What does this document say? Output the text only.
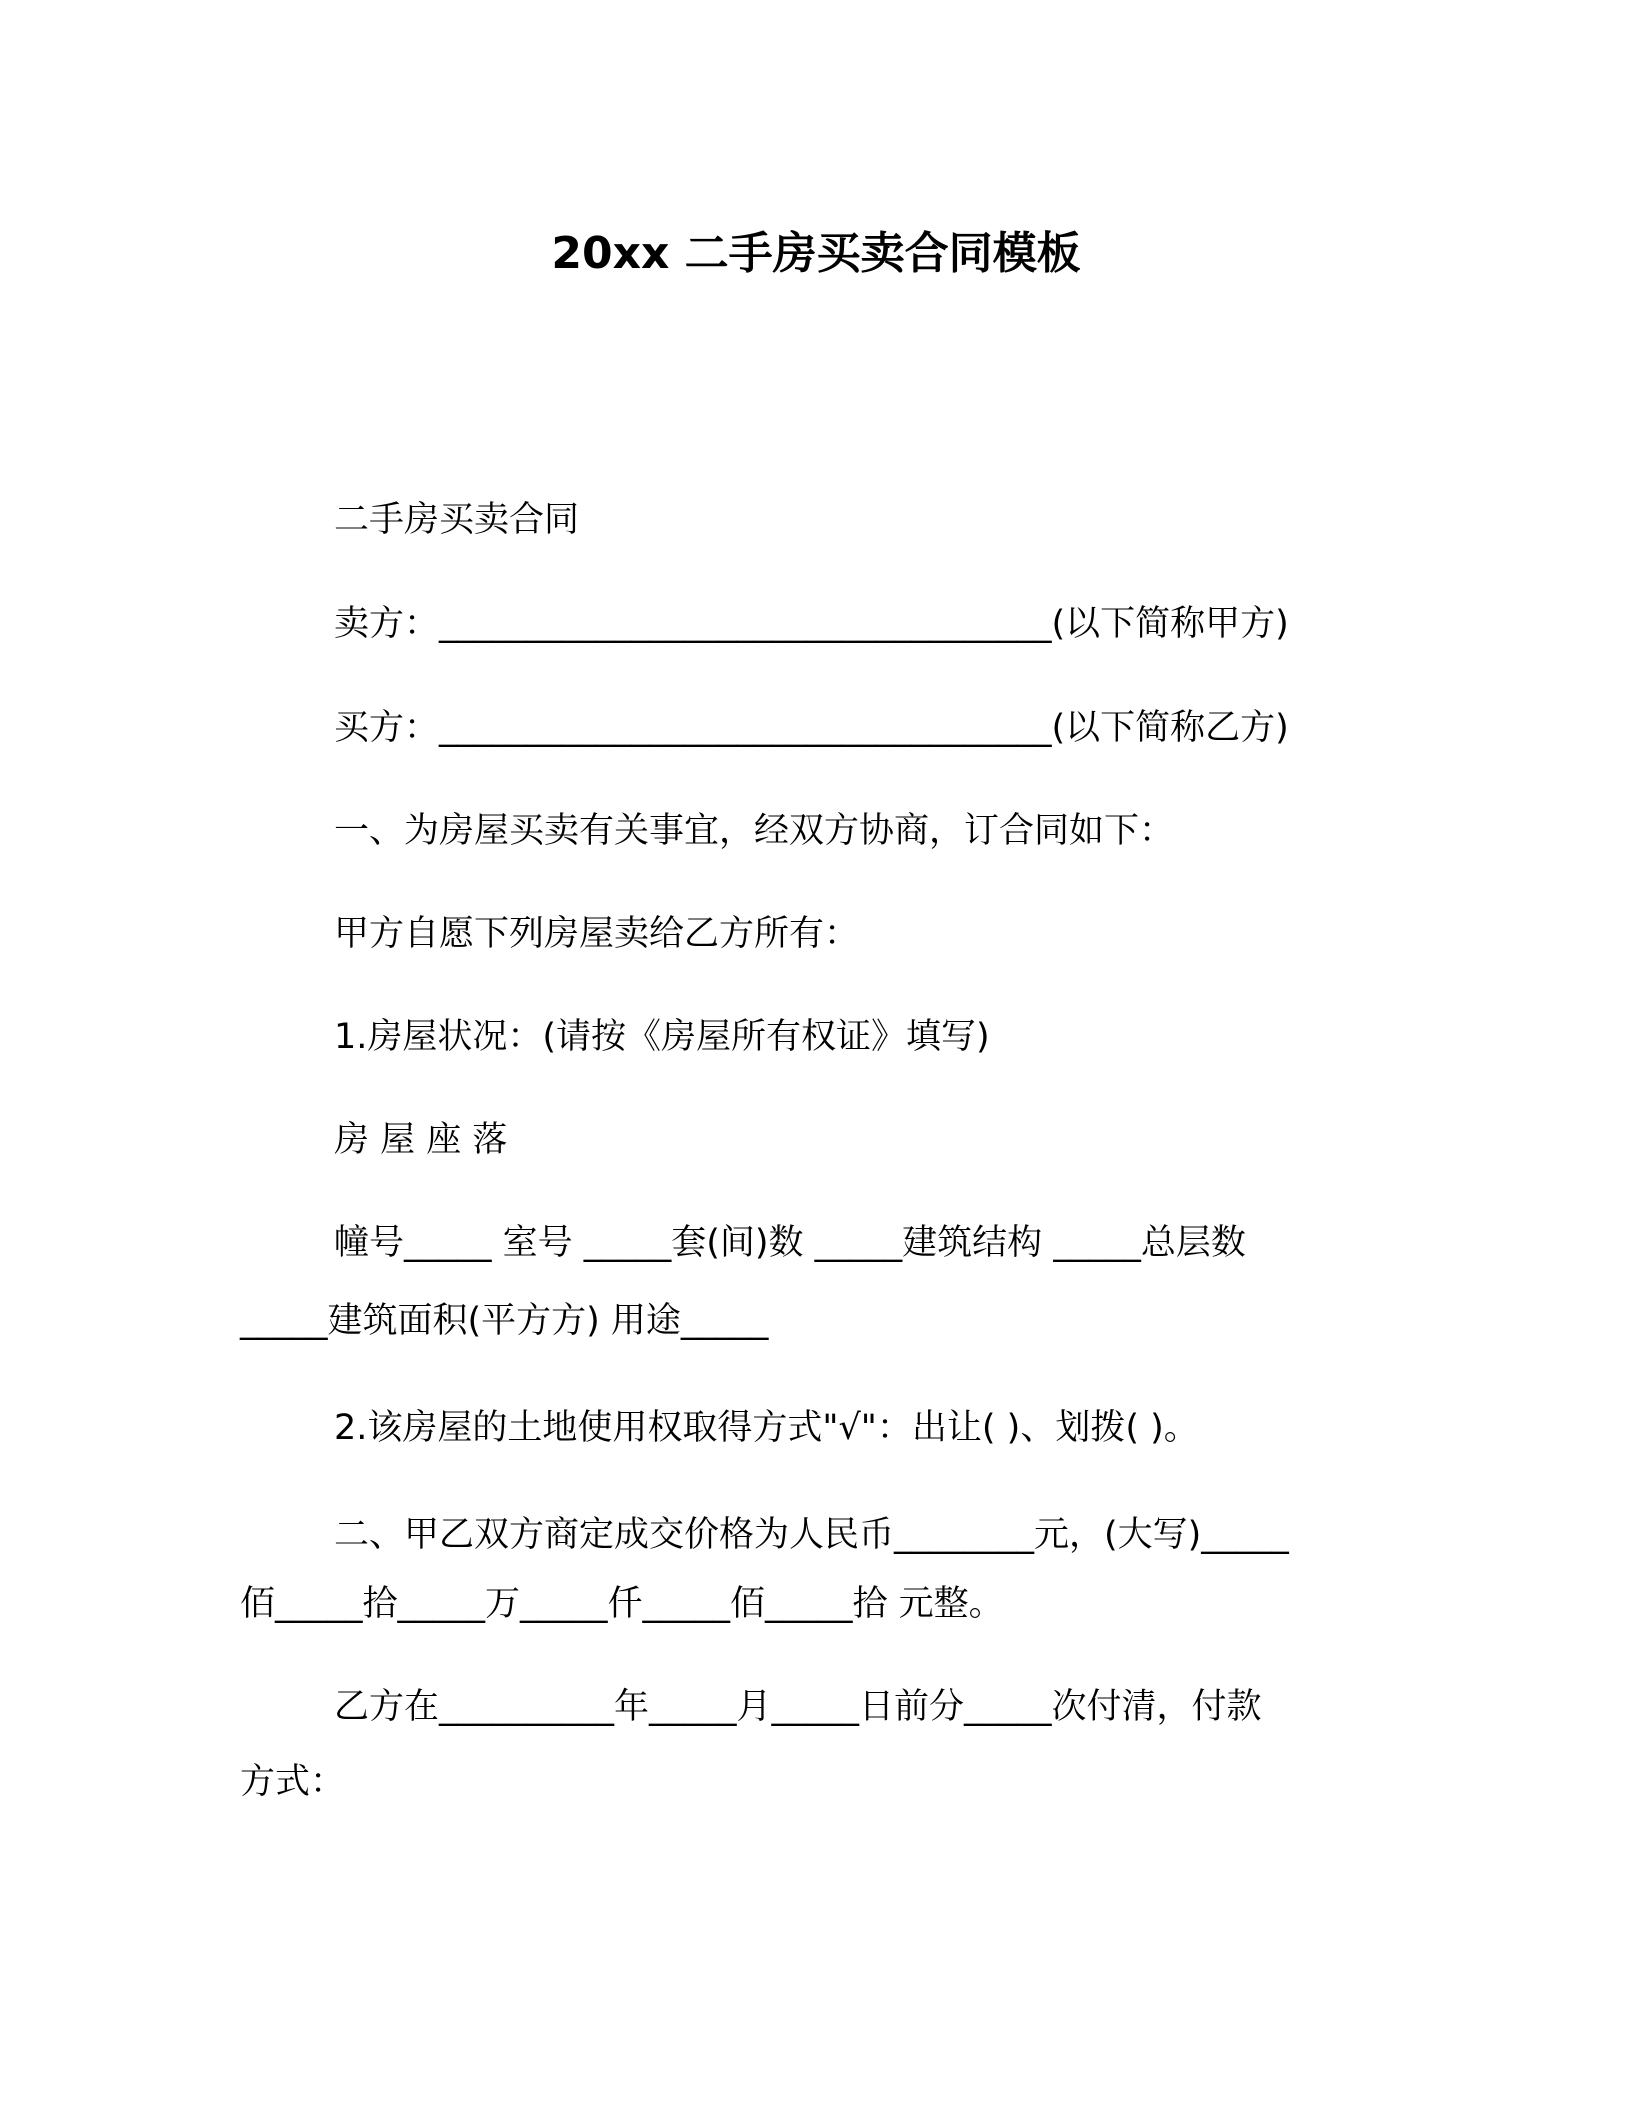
20xx 二手房买卖合同模板
二手房买卖合同
卖方：___________________________________(以下简称甲方)
买方：___________________________________(以下简称乙方)
一、为房屋买卖有关事宜，经双方协商，订合同如下：
甲方自愿下列房屋卖给乙方所有：
1.房屋状况：(请按《房屋所有权证》填写)
房 屋 座 落
幢号_____ 室号 _____套(间)数 _____建筑结构 _____总层数
_____建筑面积(平方方) 用途_____
2.该房屋的土地使用权取得方式"√"：出让( )、划拨( )。
二、甲乙双方商定成交价格为人民币________元，(大写)_____
佰_____拾_____万_____仟_____佰_____拾 元整。
乙方在__________年_____月_____日前分_____次付清，付款
方式：
